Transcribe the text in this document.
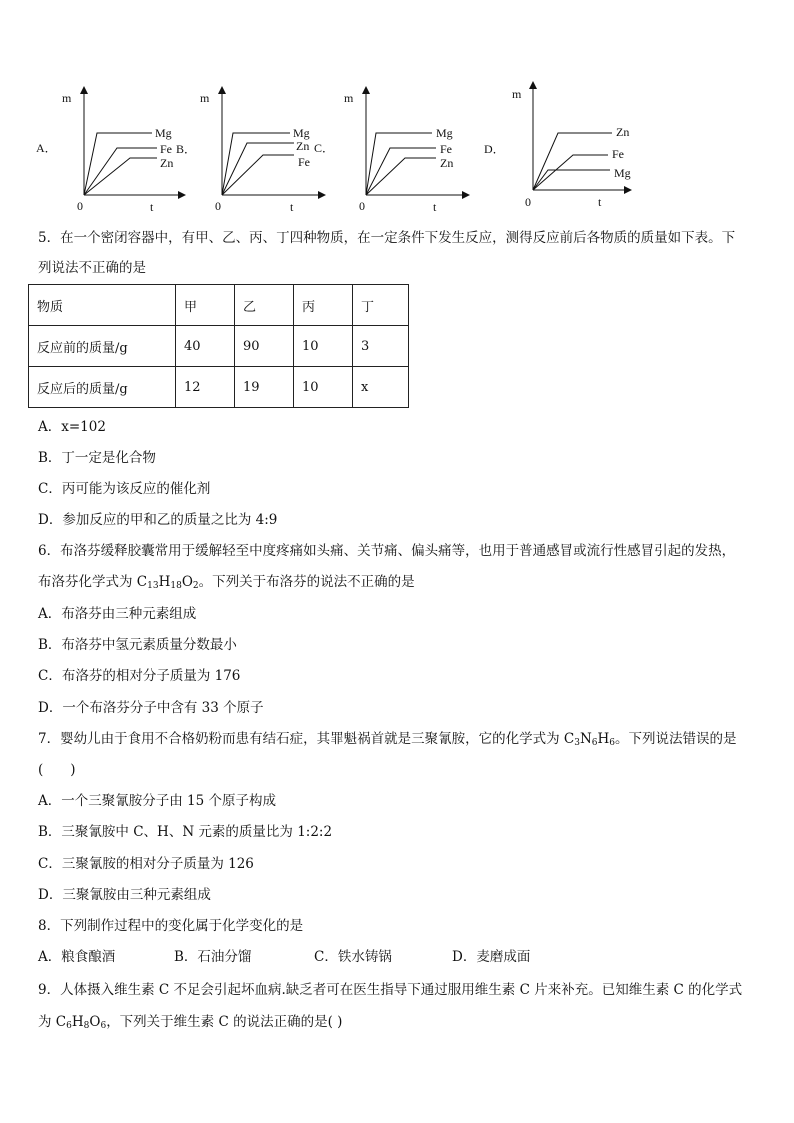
A．
m
0	t
Mg
Fe
Zn
B．
m
0	t
Mg
Zn
Fe
C．
m
0	t
Mg
Fe
Zn
D．
m
0	t
Zn
Fe
Mg
5．在一个密闭容器中，有甲、乙、丙、丁四种物质，在一定条件下发生反应，测得反应前后各物质的质量如下表。下
列说法不正确的是
物质	甲	乙	丙	丁
反应前的质量/g	40	90	10	3
反应后的质量/g	12	19	10	x
A．x=102
B．丁一定是化合物
C．丙可能为该反应的催化剂
D．参加反应的甲和乙的质量之比为 4:9
6．布洛芬缓释胶囊常用于缓解轻至中度疼痛如头痛、关节痛、偏头痛等，也用于普通感冒或流行性感冒引起的发热，
布洛芬化学式为 $C_{13}H_{18}O_2$。下列关于布洛芬的说法不正确的是
A．布洛芬由三种元素组成
B．布洛芬中氢元素质量分数最小
C．布洛芬的相对分子质量为 176
D．一个布洛芬分子中含有 33 个原子
7．婴幼儿由于食用不合格奶粉而患有结石症，其罪魁祸首就是三聚氰胺，它的化学式为 $C_3N_6H_6$。下列说法错误的是
(　　)
A．一个三聚氰胺分子由 15 个原子构成
B．三聚氰胺中 C、H、N 元素的质量比为 1:2:2
C．三聚氰胺的相对分子质量为 126
D．三聚氰胺由三种元素组成
8．下列制作过程中的变化属于化学变化的是
A．粮食酿酒	B．石油分馏	C．铁水铸锅	D．麦磨成面
9．人体摄入维生素 C 不足会引起坏血病.缺乏者可在医生指导下通过服用维生素 C 片来补充。已知维生素 C 的化学式
为 $C_6H_8O_6$，下列关于维生素 C 的说法正确的是( )
